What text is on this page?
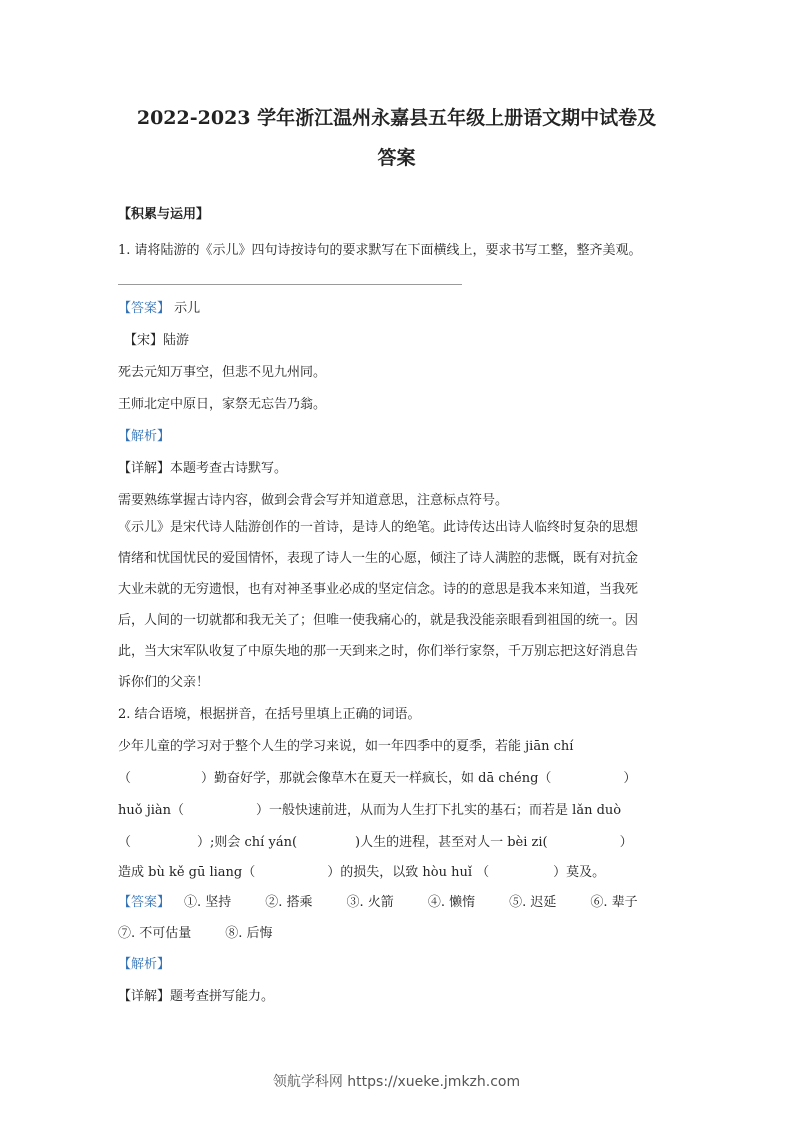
2022-2023 学年浙江温州永嘉县五年级上册语文期中试卷及
答案
【积累与运用】
1. 请将陆游的《示儿》四句诗按诗句的要求默写在下面横线上，要求书写工整，整齐美观。
【答案】 示儿
【宋】陆游
死去元知万事空，但悲不见九州同。
王师北定中原日，家祭无忘告乃翁。
【解析】
【详解】本题考查古诗默写。
需要熟练掌握古诗内容，做到会背会写并知道意思，注意标点符号。
《示儿》是宋代诗人陆游创作的一首诗，是诗人的绝笔。此诗传达出诗人临终时复杂的思想
情绪和忧国忧民的爱国情怀，表现了诗人一生的心愿，倾注了诗人满腔的悲慨，既有对抗金
大业未就的无穷遗恨，也有对神圣事业必成的坚定信念。诗的的意思是我本来知道，当我死
后，人间的一切就都和我无关了；但唯一使我痛心的，就是我没能亲眼看到祖国的统一。因
此，当大宋军队收复了中原失地的那一天到来之时，你们举行家祭，千万别忘把这好消息告
诉你们的父亲！
2. 结合语境，根据拼音，在括号里填上正确的词语。
少年儿童的学习对于整个人生的学习来说，如一年四季中的夏季，若能 jiān chí
（	）勤奋好学，那就会像草木在夏天一样疯长，如 dā chéng（	）
huǒ jiàn（	）一般快速前进，从而为人生打下扎实的基石；而若是 lǎn duò
（	）;则会 chí yán(	)人生的进程，甚至对人一 bèi zi(	）
造成 bù kě gū liang（	）的损失，以致 hòu huǐ （	）莫及。
【答案】 ①. 坚持	②. 搭乘	③. 火箭	④. 懒惰	⑤. 迟延	⑥. 辈子
⑦. 不可估量	⑧. 后悔
【解析】
【详解】题考查拼写能力。
领航学科网 https://xueke.jmkzh.com
